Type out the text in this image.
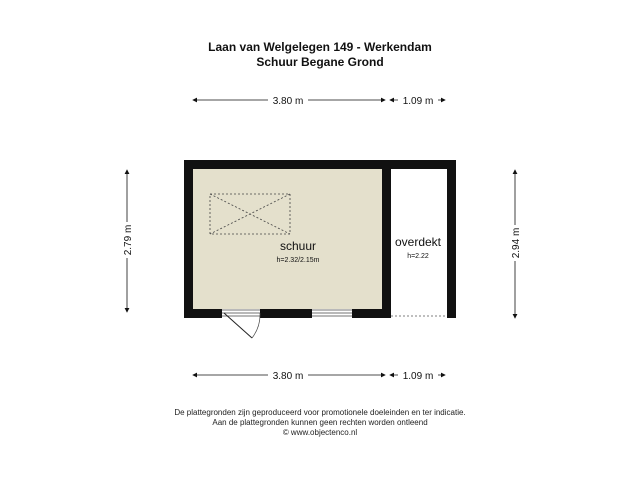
Laan van Welgelegen 149 - Werkendam
Schuur Begane Grond
3.80 m	1.09 m
3.80 m	1.09 m
2.79 m	2.94 m
schuur
h=2.32/2.15m
overdekt
h=2.22
De plattegronden zijn geproduceerd voor promotionele doeleinden en ter indicatie.
Aan de plattegronden kunnen geen rechten worden ontleend
© www.objectenco.nl
